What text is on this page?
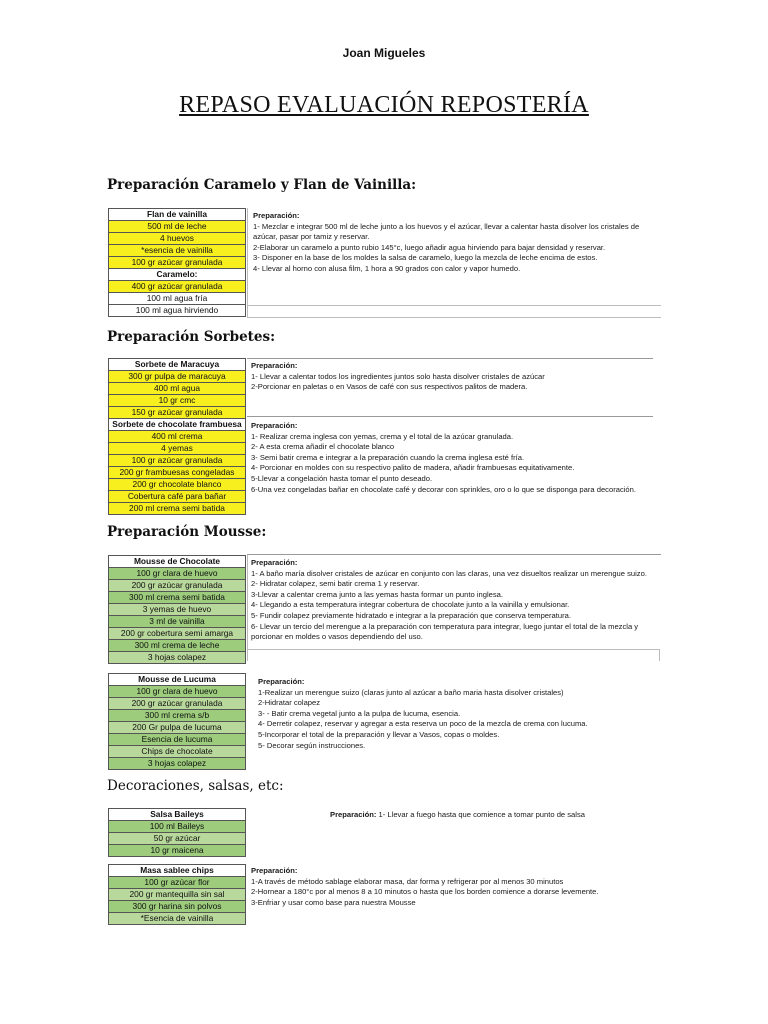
Joan Migueles
REPASO EVALUACIÓN REPOSTERÍA
Preparación Caramelo y Flan de Vainilla:
Flan de vainilla
500 ml de leche
4 huevos
*esencia de vainilla
100 gr azúcar granulada
Caramelo:
400 gr azúcar granulada
100 ml agua fría
100 ml agua hirviendo
Preparación:
1- Mezclar e integrar 500 ml de leche junto a los huevos y el azúcar, llevar a calentar hasta disolver los cristales de
azúcar, pasar por tamiz y reservar.
2-Elaborar un caramelo a punto rubio 145°c, luego añadir agua hirviendo para bajar densidad y reservar.
3- Disponer en la base de los moldes la salsa de caramelo, luego la mezcla de leche encima de estos.
4- Llevar al horno con alusa film, 1 hora a 90 grados con calor y vapor humedo.
Preparación Sorbetes:
Sorbete de Maracuya
300 gr pulpa de maracuya
400 ml agua
10 gr cmc
150 gr azúcar granulada
Preparación:
1- Llevar a calentar todos los ingredientes juntos solo hasta disolver cristales de azúcar
2-Porcionar en paletas o en Vasos de café con sus respectivos palitos de madera.
Sorbete de chocolate frambuesa
400 ml crema
4 yemas
100 gr azúcar granulada
200 gr frambuesas congeladas
200 gr chocolate blanco
Cobertura café para bañar
200 ml crema semi batida
Preparación:
1- Realizar crema inglesa con yemas, crema y el total de la azúcar granulada.
2- A esta crema añadir el chocolate blanco
3- Semi batir crema e integrar a la preparación cuando la crema inglesa esté fría.
4- Porcionar en moldes con su respectivo palito de madera, añadir frambuesas equitativamente.
5-Llevar a congelación hasta tomar el punto deseado.
6-Una vez congeladas bañar en chocolate café y decorar con sprinkles, oro o lo que se disponga para decoración.
Preparación Mousse:
Mousse de Chocolate
100 gr clara de huevo
200 gr azúcar granulada
300 ml crema semi batida
3 yemas de huevo
3 ml de vainilla
200 gr cobertura semi amarga
300 ml crema de leche
3 hojas colapez
Preparación:
1- A baño maría disolver cristales de azúcar en conjunto con las claras, una vez disueltos realizar un merengue suizo.
2- Hidratar colapez, semi batir crema 1 y reservar.
3-Llevar a calentar crema junto a las yemas hasta formar un punto inglesa.
4- Llegando a esta temperatura integrar cobertura de chocolate junto a la vainilla y emulsionar.
5- Fundir colapez previamente hidratado e integrar a la preparación que conserva temperatura.
6- Llevar un tercio del merengue a la preparación con temperatura para integrar, luego juntar el total de la mezcla y
porcionar en moldes o vasos dependiendo del uso.
Mousse de Lucuma
100 gr clara de huevo
200 gr azúcar granulada
300 ml crema s/b
200 Gr pulpa de lucuma
Esencia de lucuma
Chips de chocolate
3 hojas colapez
Preparación:
1-Realizar un merengue suizo (claras junto al azúcar a baño maria hasta disolver cristales)
2-Hidratar colapez
3- - Batir crema vegetal junto a la pulpa de lucuma, esencia.
4- Derretir colapez, reservar y agregar a esta reserva un poco de la mezcla de crema con lucuma.
5-Incorporar el total de la preparación y llevar a Vasos, copas o moldes.
5- Decorar según instrucciones.
Decoraciones, salsas, etc:
Salsa Baileys
100 ml Baileys
50 gr azúcar
10 gr maicena
Preparación: 1- Llevar a fuego hasta que comience a tomar punto de salsa
Masa sablee chips
100 gr azúcar flor
200 gr mantequilla sin sal
300 gr harina sin polvos
*Esencia de vainilla
Preparación:
1-A través de método sablage elaborar masa, dar forma y refrigerar por al menos 30 minutos
2-Hornear a 180°c por al menos 8 a 10 minutos o hasta que los borden comience a dorarse levemente.
3-Enfriar y usar como base para nuestra Mousse
